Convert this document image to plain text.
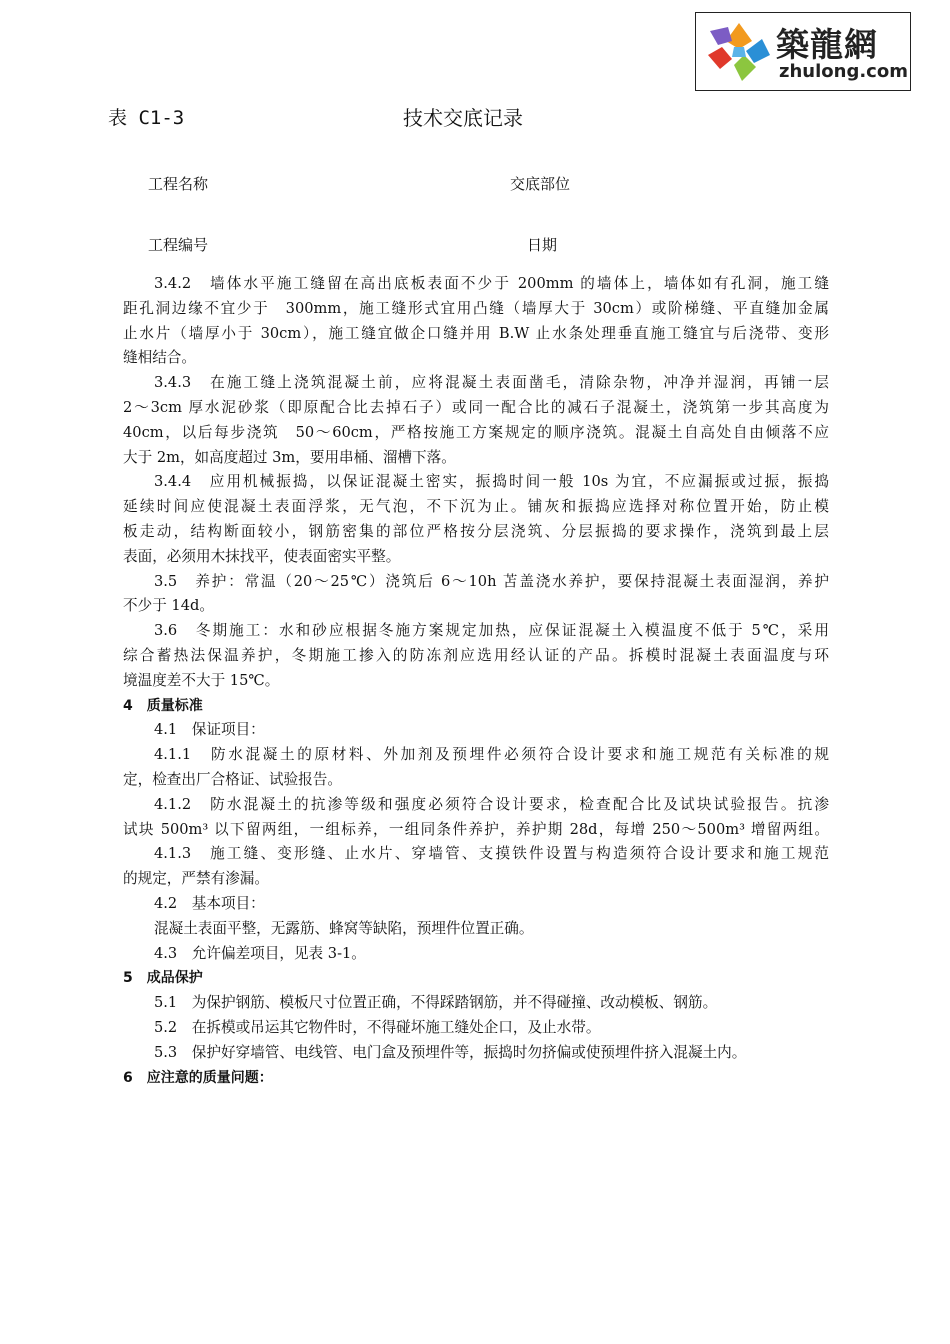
築龍網
zhulong.com
表 C1-3	技术交底记录
工程名称	交底部位
工程编号	日期
3.4.2　墙体水平施工缝留在高出底板表面不少于 200mm 的墙体上，墙体如有孔洞，施工缝
距孔洞边缘不宜少于　300mm，施工缝形式宜用凸缝（墙厚大于 30cm）或阶梯缝、平直缝加金属
止水片（墙厚小于 30cm），施工缝宜做企口缝并用 B.W 止水条处理垂直施工缝宜与后浇带、变形
缝相结合。
3.4.3　在施工缝上浇筑混凝土前，应将混凝土表面凿毛，清除杂物，冲净并湿润，再铺一层
2～3cm 厚水泥砂浆（即原配合比去掉石子）或同一配合比的减石子混凝土，浇筑第一步其高度为
40cm，以后每步浇筑　50～60cm，严格按施工方案规定的顺序浇筑。混凝土自高处自由倾落不应
大于 2m，如高度超过 3m，要用串桶、溜槽下落。
3.4.4　应用机械振捣，以保证混凝土密实，振捣时间一般 10s 为宜，不应漏振或过振，振捣
延续时间应使混凝土表面浮浆，无气泡，不下沉为止。铺灰和振捣应选择对称位置开始，防止模
板走动，结构断面较小，钢筋密集的部位严格按分层浇筑、分层振捣的要求操作，浇筑到最上层
表面，必须用木抹找平，使表面密实平整。
3.5　养护：常温（20～25℃）浇筑后 6～10h 苫盖浇水养护，要保持混凝土表面湿润，养护
不少于 14d。
3.6　冬期施工：水和砂应根据冬施方案规定加热，应保证混凝土入模温度不低于 5℃，采用
综合蓄热法保温养护，冬期施工掺入的防冻剂应选用经认证的产品。拆模时混凝土表面温度与环
境温度差不大于 15℃。
4　质量标准
4.1　保证项目：
4.1.1　防水混凝土的原材料、外加剂及预埋件必须符合设计要求和施工规范有关标准的规
定，检查出厂合格证、试验报告。
4.1.2　防水混凝土的抗渗等级和强度必须符合设计要求，检查配合比及试块试验报告。抗渗
试块 500m³ 以下留两组，一组标养，一组同条件养护，养护期 28d，每增 250～500m³ 增留两组。
4.1.3　施工缝、变形缝、止水片、穿墙管、支摸铁件设置与构造须符合设计要求和施工规范
的规定，严禁有渗漏。
4.2　基本项目：
混凝土表面平整，无露筋、蜂窝等缺陷，预埋件位置正确。
4.3　允许偏差项目，见表 3-1。
5　成品保护
5.1　为保护钢筋、模板尺寸位置正确，不得踩踏钢筋，并不得碰撞、改动模板、钢筋。
5.2　在拆模或吊运其它物件时，不得碰坏施工缝处企口，及止水带。
5.3　保护好穿墙管、电线管、电门盒及预埋件等，振捣时勿挤偏或使预埋件挤入混凝土内。
6　应注意的质量问题：
